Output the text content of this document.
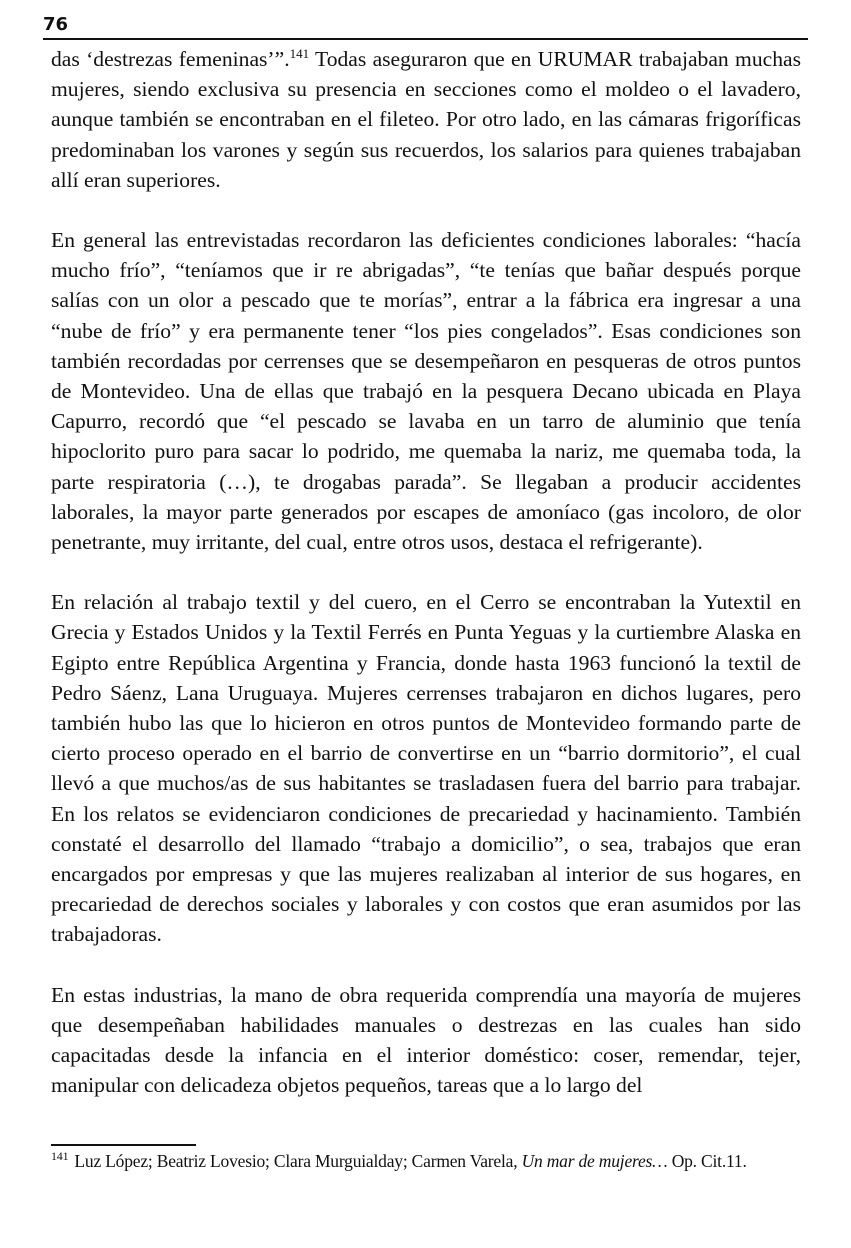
76

das ‘destrezas femeninas’”.$^{141}$ Todas aseguraron que en URUMAR trabajaban muchas mujeres, siendo exclusiva su presencia en secciones como el moldeo o el lavadero, aunque también se encontraban en el fileteo. Por otro lado, en las cámaras frigoríficas predominaban los varones y según sus recuerdos, los salarios para quienes trabajaban allí eran superiores.

En general las entrevistadas recordaron las deficientes condiciones laborales: “hacía mucho frío”, “teníamos que ir re abrigadas”, “te tenías que bañar después porque salías con un olor a pescado que te morías”, entrar a la fábrica era ingresar a una “nube de frío” y era permanente tener “los pies congelados”. Esas condiciones son también recordadas por cerrenses que se desempeñaron en pesqueras de otros puntos de Montevideo. Una de ellas que trabajó en la pesquera Decano ubicada en Playa Capurro, recordó que “el pescado se lavaba en un tarro de aluminio que tenía hipoclorito puro para sacar lo podrido, me quemaba la nariz, me quemaba toda, la parte respiratoria (…), te drogabas parada”. Se llegaban a producir accidentes laborales, la mayor parte generados por escapes de amoníaco (gas incoloro, de olor penetrante, muy irritante, del cual, entre otros usos, destaca el refrigerante).

En relación al trabajo textil y del cuero, en el Cerro se encontraban la Yutextil en Grecia y Estados Unidos y la Textil Ferrés en Punta Yeguas y la curtiembre Alaska en Egipto entre República Argentina y Francia, donde hasta 1963 funcionó la textil de Pedro Sáenz, Lana Uruguaya. Mujeres cerrenses trabajaron en dichos lugares, pero también hubo las que lo hicieron en otros puntos de Montevideo formando parte de cierto proceso operado en el barrio de convertirse en un “barrio dormitorio”, el cual llevó a que muchos/as de sus habitantes se trasladasen fuera del barrio para trabajar. En los relatos se evidenciaron condiciones de precariedad y hacinamiento. También constaté el desarrollo del llamado “trabajo a domicilio”, o sea, trabajos que eran encargados por empresas y que las mujeres realizaban al interior de sus hogares, en precariedad de derechos sociales y laborales y con costos que eran asumidos por las trabajadoras.

En estas industrias, la mano de obra requerida comprendía una mayoría de mujeres que desempeñaban habilidades manuales o destrezas en las cuales han sido capacitadas desde la infancia en el interior doméstico: coser, remendar, tejer, manipular con delicadeza objetos pequeños, tareas que a lo largo del

$^{141}$ Luz López; Beatriz Lovesio; Clara Murguialday; Carmen Varela, Un mar de mujeres… Op. Cit.11.
